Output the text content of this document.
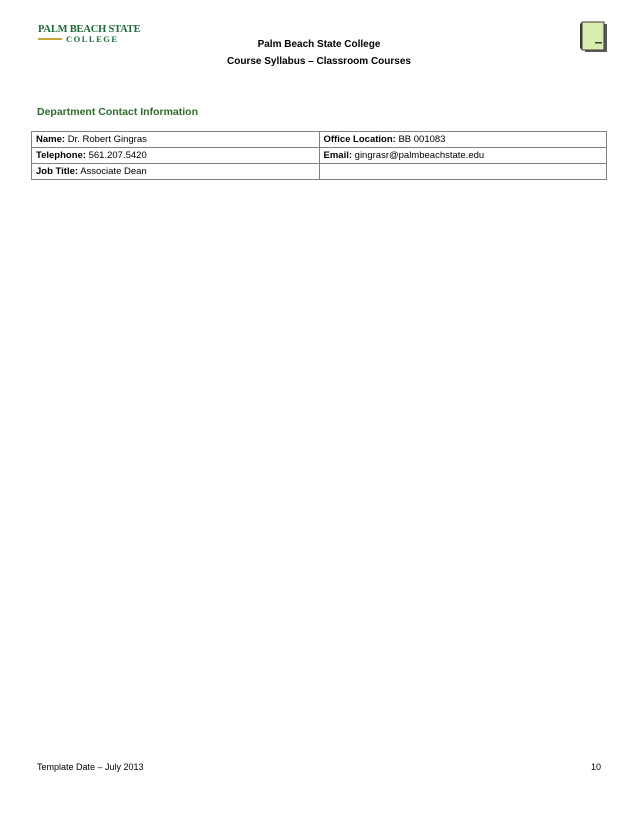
PALM BEACH STATE
COLLEGE	Palm Beach State College
Course Syllabus – Classroom Courses
Department Contact Information
Name: Dr. Robert Gingras	Office Location: BB 001083
Telephone: 561.207.5420	Email: gingrasr@palmbeachstate.edu
Job Title: Associate Dean	
Template Date – July 2013	10
